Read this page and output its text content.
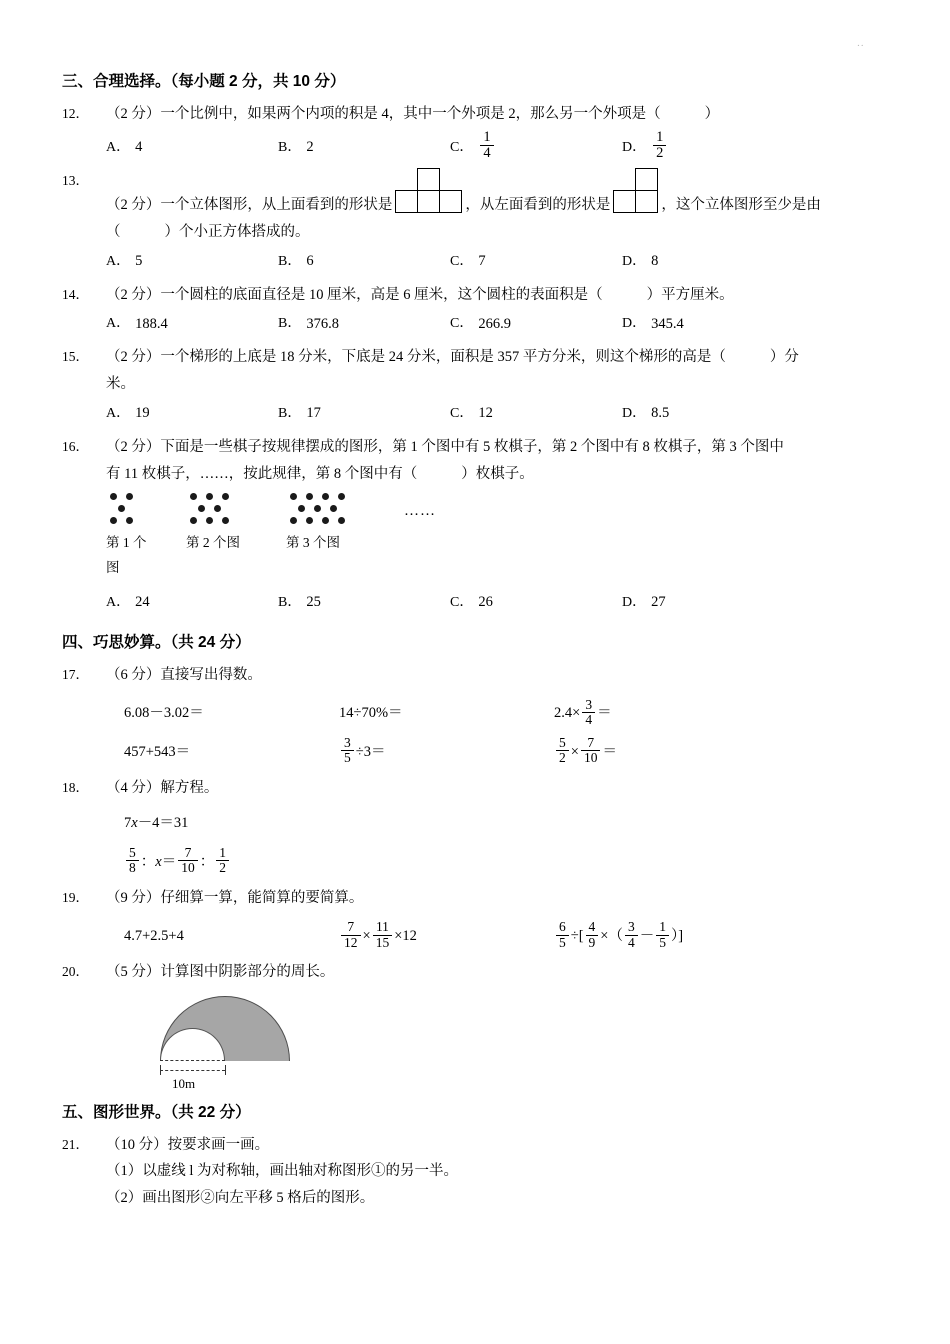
··
三、合理选择。（每小题 2 分，共 10 分）
12．	（2 分）一个比例中，如果两个内项的积是 4，其中一个外项是 2，那么另一个外项是（	）
A． 4	B． 2	C． $\frac{1}{4}$	D． $\frac{1}{2}$
13．
（2 分）一个立体图形，从上面看到的形状是

			，从左面看到的形状是

		，这个立体图形至少是由
（	）个小正方体搭成的。
A． 5	B． 6	C． 7	D． 8
14．	（2 分）一个圆柱的底面直径是 10 厘米，高是 6 厘米，这个圆柱的表面积是（	）平方厘米。
A． 188.4	B． 376.8	C． 266.9	D． 345.4
15．	（2 分）一个梯形的上底是 18 分米，下底是 24 分米，面积是 357 平方分米，则这个梯形的高是（	）分
米。
A． 19	B． 17	C． 12	D． 8.5
16．	（2 分）下面是一些棋子按规律摆成的图形，第 1 个图中有 5 枚棋子，第 2 个图中有 8 枚棋子，第 3 个图中
有 11 枚棋子，……，按此规律，第 8 个图中有（	）枚棋子。
……
第 1 个图
第 2 个图	第 3 个图
A． 24	B． 25	C． 26	D． 27
四、巧思妙算。（共 24 分）
17．	（6 分）直接写出得数。
6.08－3.02＝	14÷70%＝	$2.4\times \frac{3}{4}$ ＝
457+543＝	$\frac{3}{5} \div 3=$	$\frac{5}{2} \times \frac{7}{10}$ ＝
18．	（4 分）解方程。
7 x －4＝31
$\frac{5}{8}$ ： $x = \frac{7}{10}$ ： $\frac{1}{2}$
19．	（9 分）仔细算一算，能简算的要简算。
4.7+2.5+4	$\frac{7}{12} \times \frac{11}{15} \times 12$	$\frac{6}{5}$ ÷[ $\frac{4}{9}$ ×（ $\frac{3}{4} - \frac{1}{5}$ ）]
20．	（5 分）计算图中阴影部分的周长。
10m
五、图形世界。（共 22 分）
21．	（10 分）按要求画一画。
（1）以虚线 l 为对称轴，画出轴对称图形①的另一半。
（2）画出图形②向左平移 5 格后的图形。
